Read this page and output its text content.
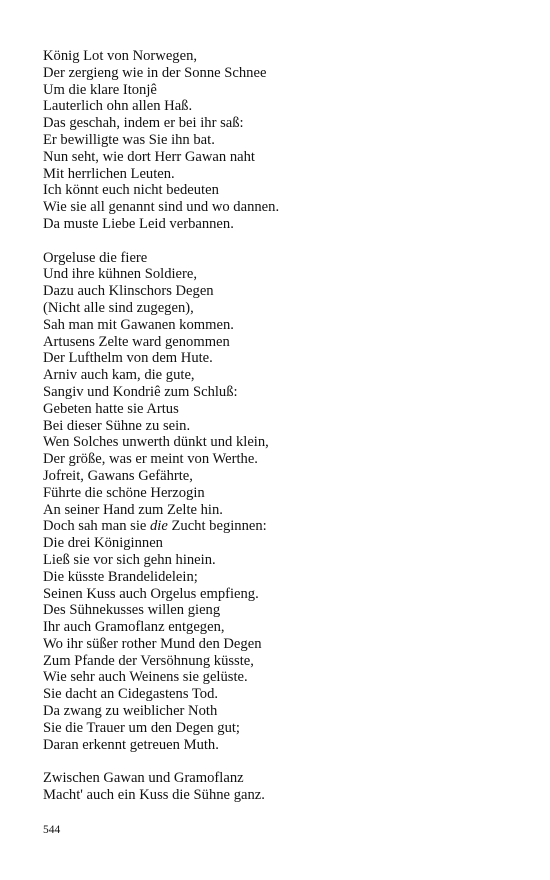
König Lot von Norwegen,
Der zergieng wie in der Sonne Schnee
Um die klare Itonjê
Lauterlich ohn allen Haß.
Das geschah, indem er bei ihr saß:
Er bewilligte was Sie ihn bat.
Nun seht, wie dort Herr Gawan naht
Mit herrlichen Leuten.
Ich könnt euch nicht bedeuten
Wie sie all genannt sind und wo dannen.
Da muste Liebe Leid verbannen.
Orgeluse die fiere
Und ihre kühnen Soldiere,
Dazu auch Klinschors Degen
(Nicht alle sind zugegen),
Sah man mit Gawanen kommen.
Artusens Zelte ward genommen
Der Lufthelm von dem Hute.
Arniv auch kam, die gute,
Sangiv und Kondriê zum Schluß:
Gebeten hatte sie Artus
Bei dieser Sühne zu sein.
Wen Solches unwerth dünkt und klein,
Der größe, was er meint von Werthe.
Jofreit, Gawans Gefährte,
Führte die schöne Herzogin
An seiner Hand zum Zelte hin.
Doch sah man sie die Zucht beginnen:
Die drei Königinnen
Ließ sie vor sich gehn hinein.
Die küsste Brandelidelein;
Seinen Kuss auch Orgelus empfieng.
Des Sühnekusses willen gieng
Ihr auch Gramoflanz entgegen,
Wo ihr süßer rother Mund den Degen
Zum Pfande der Versöhnung küsste,
Wie sehr auch Weinens sie gelüste.
Sie dacht an Cidegastens Tod.
Da zwang zu weiblicher Noth
Sie die Trauer um den Degen gut;
Daran erkennt getreuen Muth.
Zwischen Gawan und Gramoflanz
Macht' auch ein Kuss die Sühne ganz.
544
